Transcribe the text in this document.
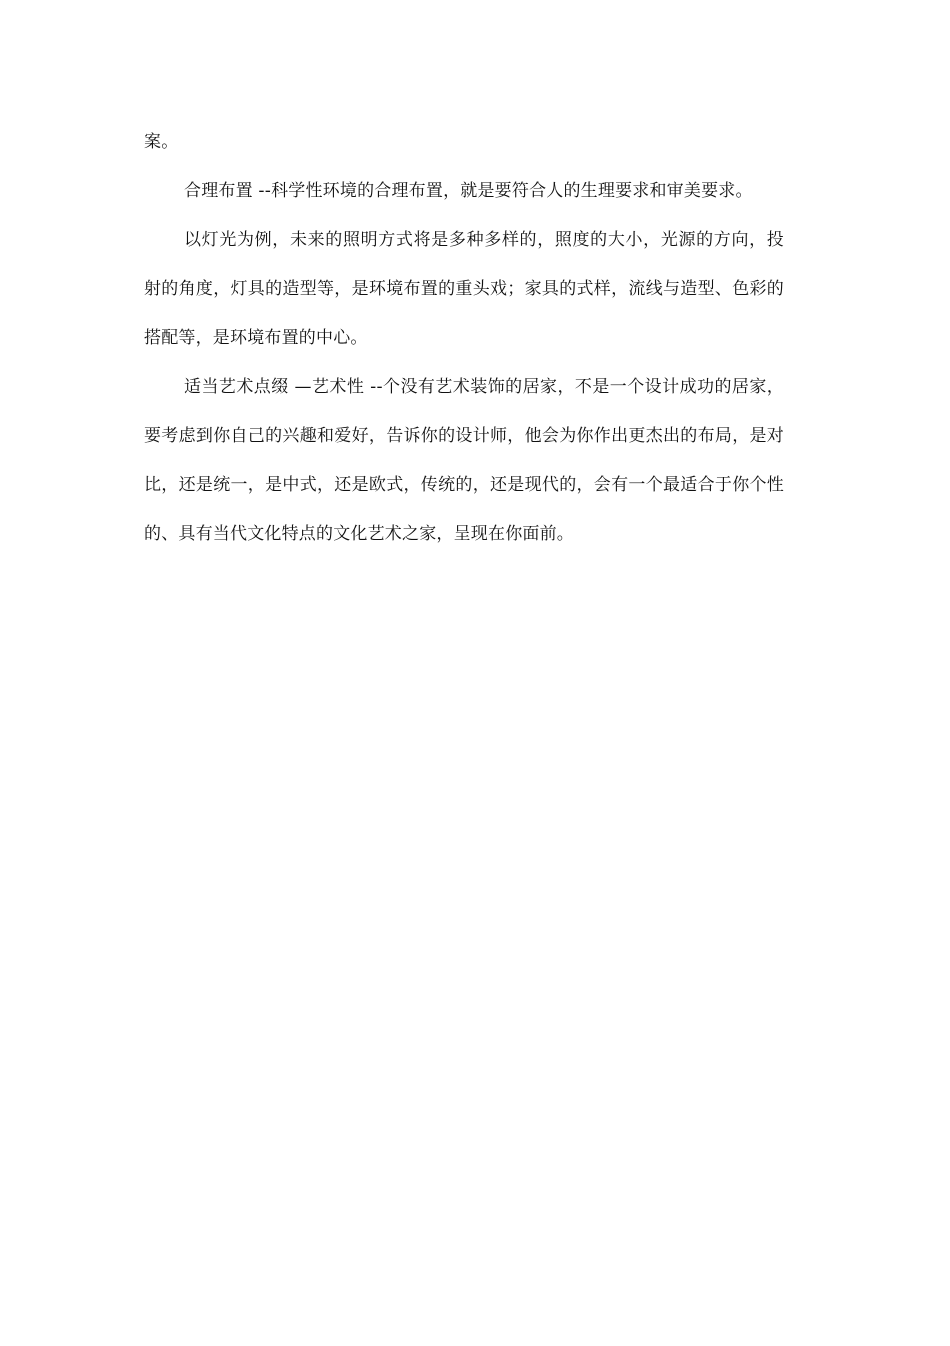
案。

合理布置 --科学性环境的合理布置，就是要符合人的生理要求和审美要求。

以灯光为例，未来的照明方式将是多种多样的，照度的大小，光源的方向，投射的角度，灯具的造型等，是环境布置的重头戏；家具的式样，流线与造型、色彩的搭配等，是环境布置的中心。

适当艺术点缀 —艺术性 --个没有艺术装饰的居家，不是一个设计成功的居家，要考虑到你自己的兴趣和爱好，告诉你的设计师，他会为你作出更杰出的布局，是对比，还是统一，是中式，还是欧式，传统的，还是现代的，会有一个最适合于你个性的、具有当代文化特点的文化艺术之家，呈现在你面前。
